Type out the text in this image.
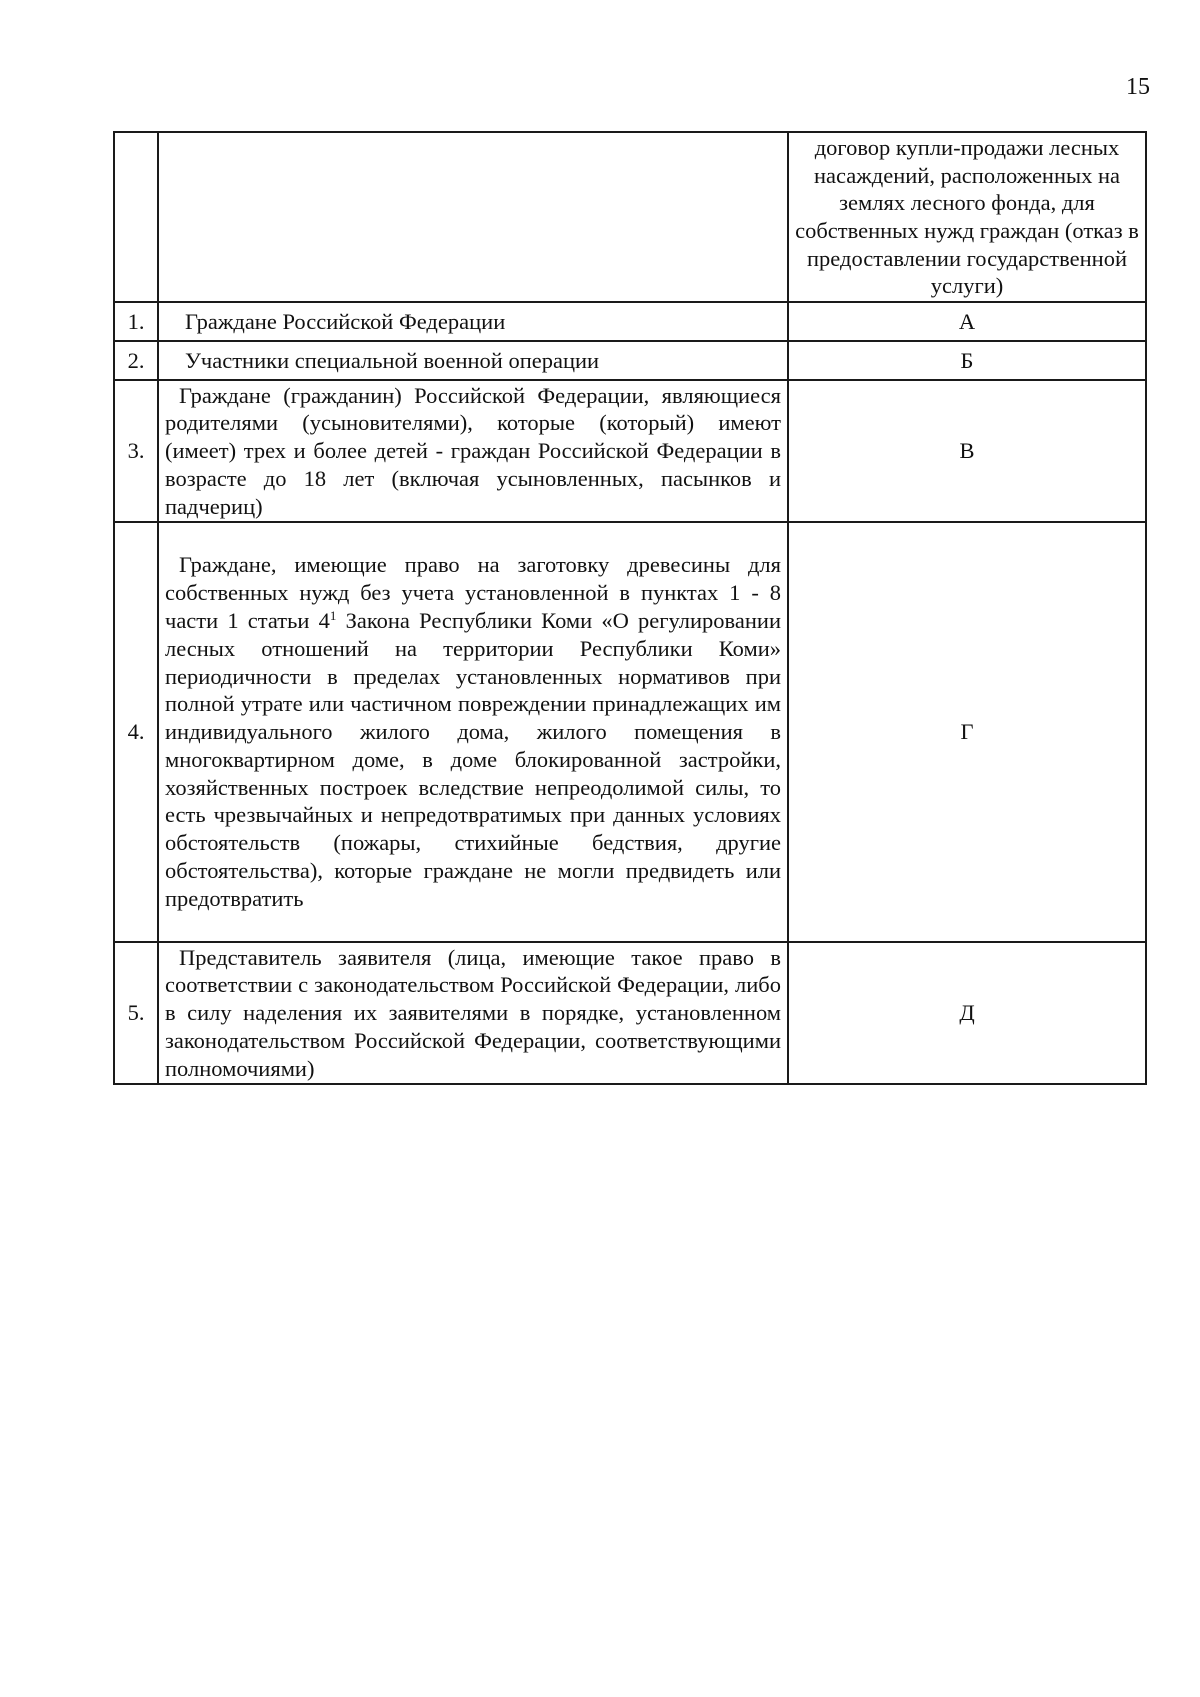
15
		договор купли-продажи лесных насаждений, расположенных на землях лесного фонда, для собственных нужд граждан (отказ в предоставлении государственной услуги)
1.	Граждане Российской Федерации	А
2.	Участники специальной военной операции	Б
3.	Граждане (гражданин) Российской Федерации, являющиеся родителями (усыновителями), которые (который) имеют (имеет) трех и более детей - граждан Российской Федерации в возрасте до 18 лет (включая усыновленных, пасынков и падчериц)	В
4.	Граждане, имеющие право на заготовку древесины для собственных нужд без учета установленной в пунктах 1 - 8 части 1 статьи $4^1$ Закона Республики Коми «О регулировании лесных отношений на территории Республики Коми» периодичности в пределах установленных нормативов при полной утрате или частичном повреждении принадлежащих им индивидуального жилого дома, жилого помещения в многоквартирном доме, в доме блокированной застройки, хозяйственных построек вследствие непреодолимой силы, то есть чрезвычайных и непредотвратимых при данных условиях обстоятельств (пожары, стихийные бедствия, другие обстоятельства), которые граждане не могли предвидеть или предотвратить	Г
5.	Представитель заявителя (лица, имеющие такое право в соответствии с законодательством Российской Федерации, либо в силу наделения их заявителями в порядке, установленном законодательством Российской Федерации, соответствующими полномочиями)	Д
